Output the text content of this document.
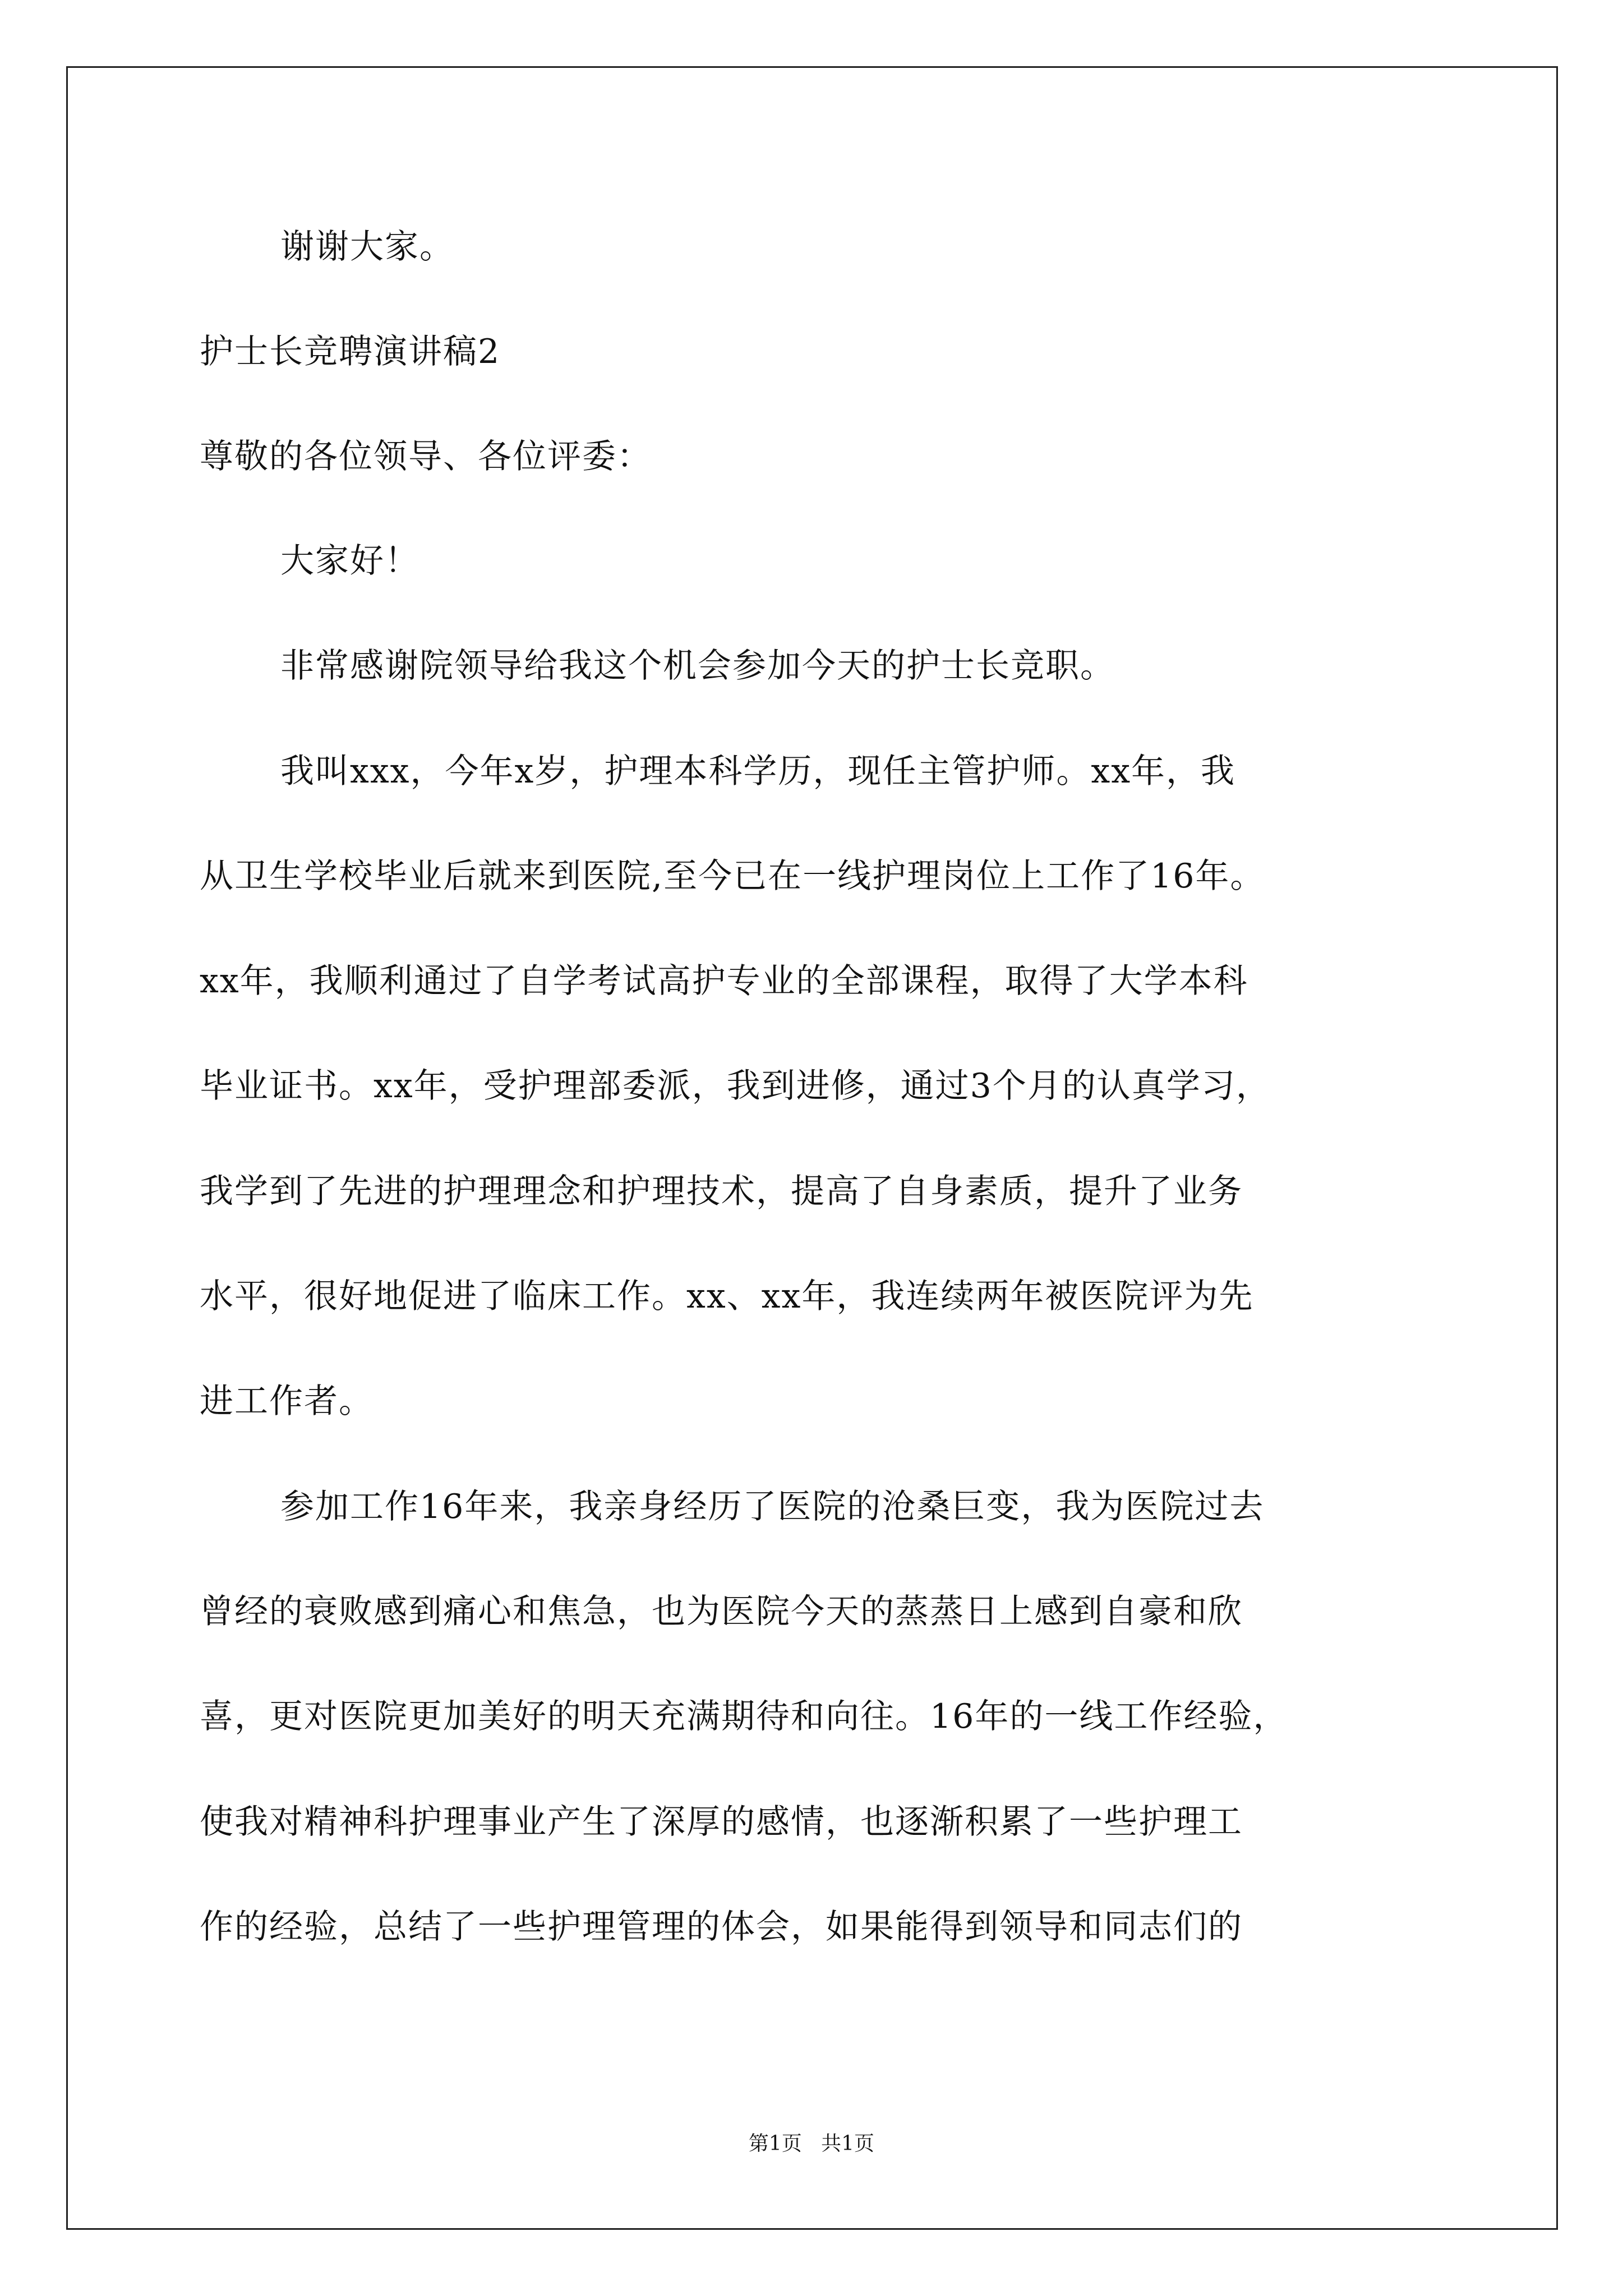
谢谢大家。
护士长竞聘演讲稿2
尊敬的各位领导、各位评委：
大家好！
非常感谢院领导给我这个机会参加今天的护士长竞职。
我叫xxx，今年x岁，护理本科学历，现任主管护师。xx年，我
从卫生学校毕业后就来到医院,至今已在一线护理岗位上工作了16年。
xx年，我顺利通过了自学考试高护专业的全部课程，取得了大学本科
毕业证书。xx年，受护理部委派，我到进修，通过3个月的认真学习，
我学到了先进的护理理念和护理技术，提高了自身素质，提升了业务
水平，很好地促进了临床工作。xx、xx年，我连续两年被医院评为先
进工作者。
参加工作16年来，我亲身经历了医院的沧桑巨变，我为医院过去
曾经的衰败感到痛心和焦急，也为医院今天的蒸蒸日上感到自豪和欣
喜，更对医院更加美好的明天充满期待和向往。16年的一线工作经验，
使我对精神科护理事业产生了深厚的感情，也逐渐积累了一些护理工
作的经验，总结了一些护理管理的体会，如果能得到领导和同志们的
第1页   共1页
